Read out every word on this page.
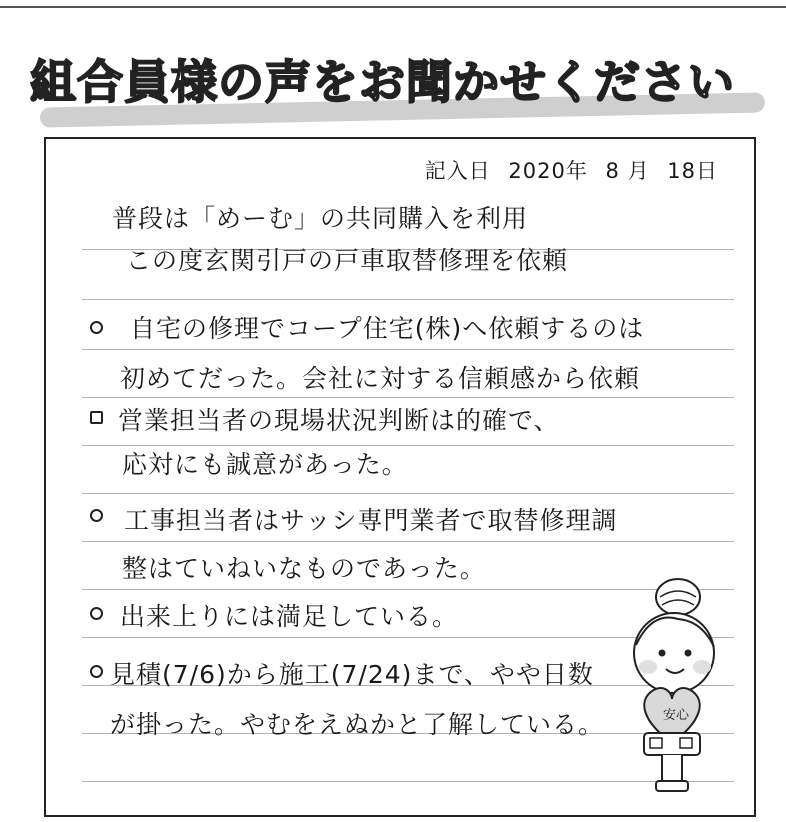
組合員様の声をお聞かせください
記入日 2020年 8 月 18日
普段は「めーむ」の共同購入を利用
この度玄関引戸の戸車取替修理を依頼
自宅の修理でコープ住宅(株)へ依頼するのは
初めてだった。会社に対する信頼感から依頼
営業担当者の現場状況判断は的確で、
応対にも誠意があった。
工事担当者はサッシ専門業者で取替修理調
整はていねいなものであった。
出来上りには満足している。
見積(7/6)から施工(7/24)まで、やや日数
が掛った。やむをえぬかと了解している。	安心
